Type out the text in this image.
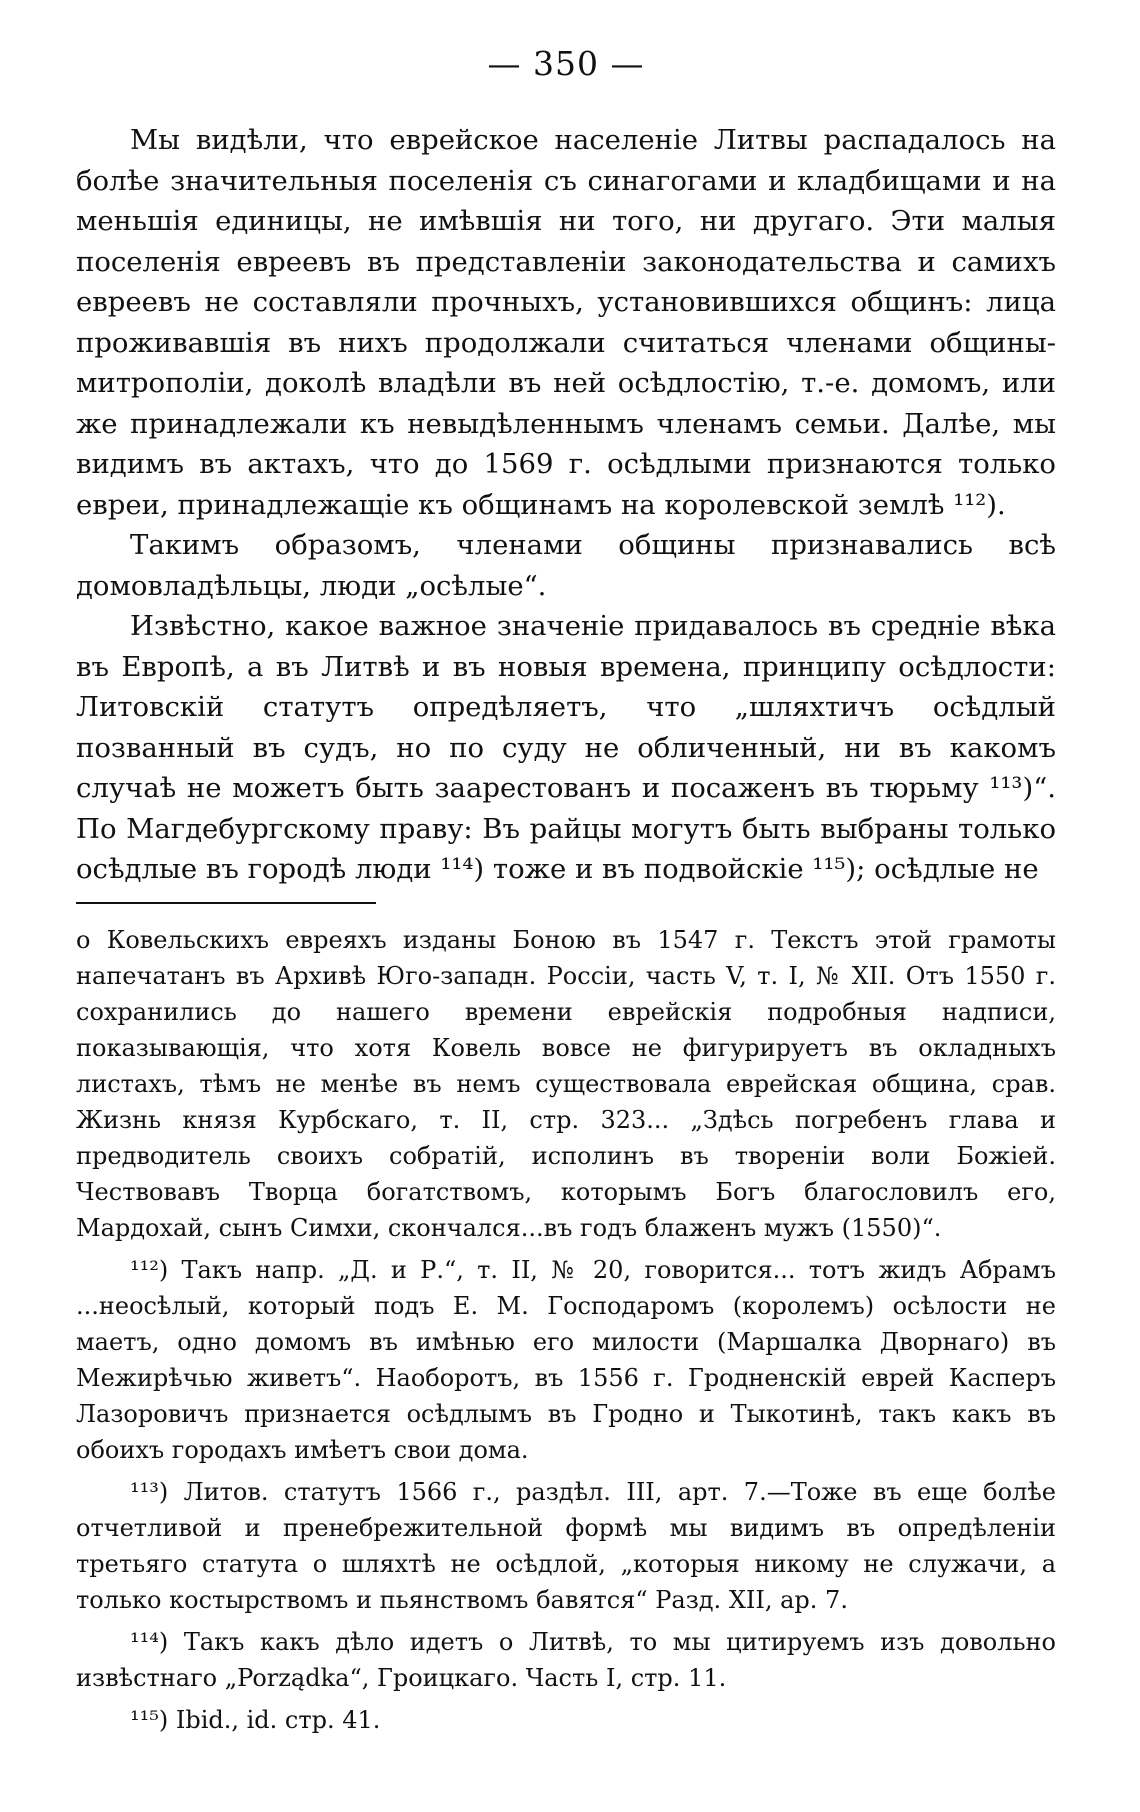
— 350 —

Мы видѣли, что еврейское населеніе Литвы распадалось на болѣе значительныя поселенія съ синагогами и кладбищами и на меньшія единицы, не имѣвшія ни того, ни другаго. Эти малыя поселенія евреевъ въ представленіи законодательства и самихъ евреевъ не составляли прочныхъ, установившихся общинъ: лица проживавшія въ нихъ продолжали считаться членами общины-митрополіи, доколѣ владѣли въ ней осѣдлостію, т.-е. домомъ, или же принадлежали къ невыдѣленнымъ членамъ семьи. Далѣе, мы видимъ въ актахъ, что до 1569 г. осѣдлыми признаются только евреи, принадлежащіе къ общинамъ на королевской землѣ ¹¹²).

Такимъ образомъ, членами общины признавались всѣ домовладѣльцы, люди „осѣлые“.

Извѣстно, какое важное значеніе придавалось въ средніе вѣка въ Европѣ, а въ Литвѣ и въ новыя времена, принципу осѣдлости: Литовскій статутъ опредѣляетъ, что „шляхтичъ осѣдлый позванный въ судъ, но по суду не обличенный, ни въ какомъ случаѣ не можетъ быть заарестованъ и посаженъ въ тюрьму ¹¹³)“. По Магдебургскому праву: Въ райцы могутъ быть выбраны только осѣдлые въ городѣ люди ¹¹⁴) тоже и въ подвойскіе ¹¹⁵); осѣдлые не

о Ковельскихъ евреяхъ изданы Боною въ 1547 г. Текстъ этой грамоты напечатанъ въ Архивѣ Юго-западн. Россіи, часть V, т. I, № XII. Отъ 1550 г. сохранились до нашего времени еврейскія подробныя надписи, показывающія, что хотя Ковель вовсе не фигурируетъ въ окладныхъ листахъ, тѣмъ не менѣе въ немъ существовала еврейская община, срав. Жизнь князя Курбскаго, т. II, стр. 323... „Здѣсь погребенъ глава и предводитель своихъ собратій, исполинъ въ твореніи воли Божіей. Чествовавъ Творца богатствомъ, которымъ Богъ благословилъ его, Мардохай, сынъ Симхи, скончался...въ годъ блаженъ мужъ (1550)“.

¹¹²) Такъ напр. „Д. и Р.“, т. II, № 20, говорится... тотъ жидъ Абрамъ ...неосѣлый, который подъ Е. М. Господаромъ (королемъ) осѣлости не маетъ, одно домомъ въ имѣнью его милости (Маршалка Дворнаго) въ Межирѣчью живетъ“. Наоборотъ, въ 1556 г. Гродненскій еврей Касперъ Лазоровичъ признается осѣдлымъ въ Гродно и Тыкотинѣ, такъ какъ въ обоихъ городахъ имѣетъ свои дома.

¹¹³) Литов. статутъ 1566 г., раздѣл. III, арт. 7.—Тоже въ еще болѣе отчетливой и пренебрежительной формѣ мы видимъ въ опредѣленіи третьяго статута о шляхтѣ не осѣдлой, „которыя никому не служачи, а только костырствомъ и пьянствомъ бавятся“ Разд. XII, ар. 7.

¹¹⁴) Такъ какъ дѣло идетъ о Литвѣ, то мы цитируемъ изъ довольно извѣстнаго „Porządka“, Гроицкаго. Часть I, стр. 11.

¹¹⁵) Ibid., id. стр. 41.
